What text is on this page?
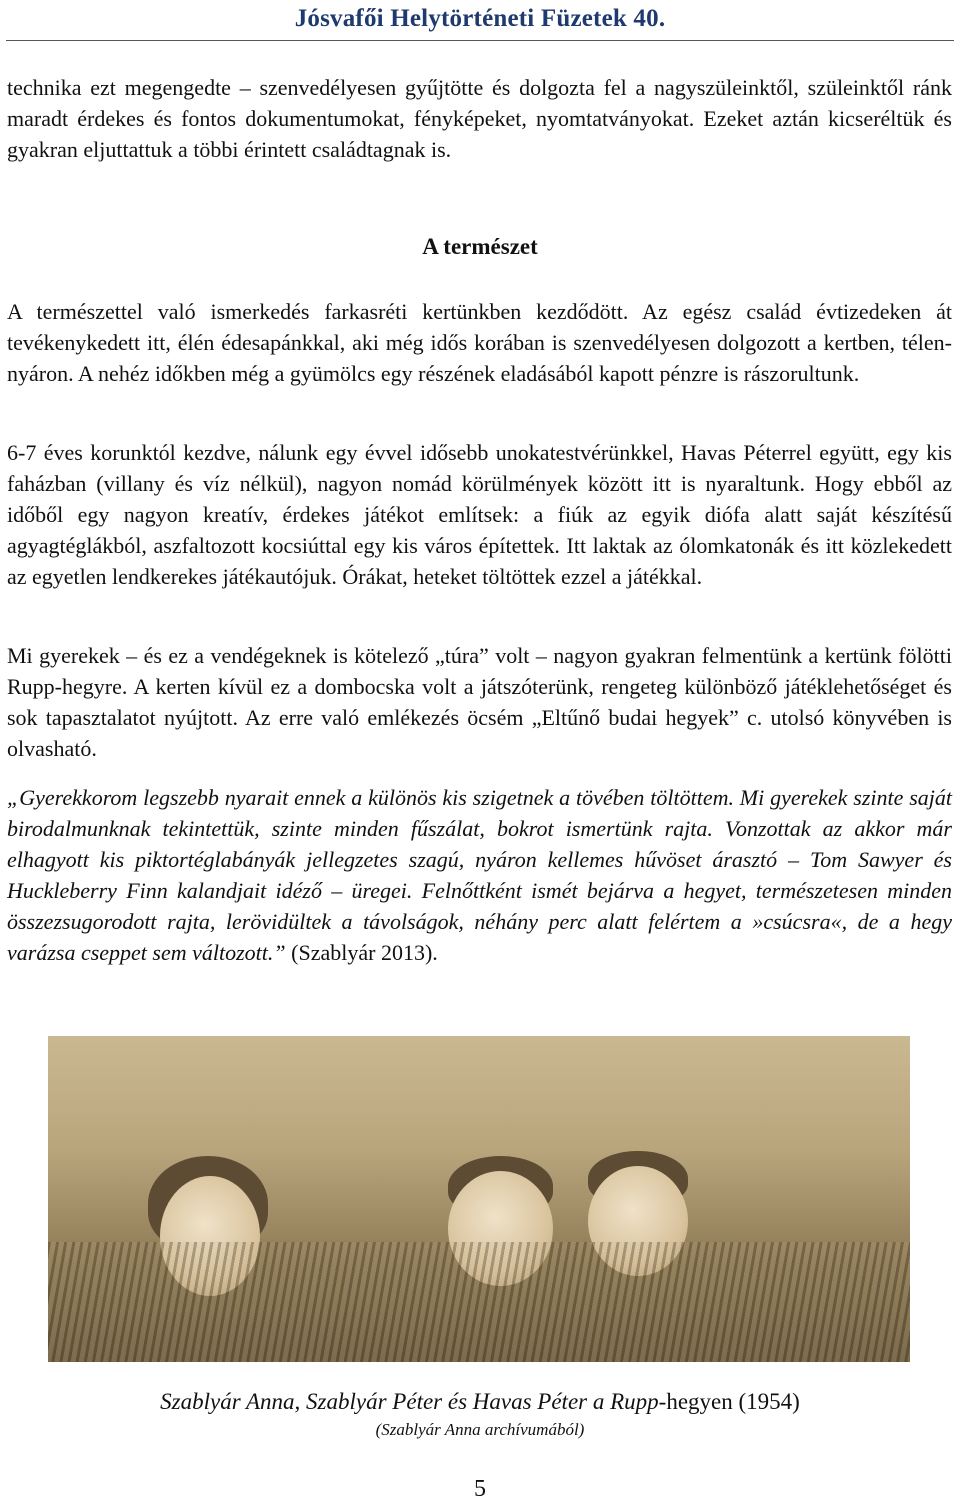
Jósvafői Helytörténeti Füzetek 40.

technika ezt megengedte – szenvedélyesen gyűjtötte és dolgozta fel a nagyszüleinktől, szüleinktől ránk maradt érdekes és fontos dokumentumokat, fényképeket, nyomtatványokat. Ezeket aztán kicseréltük és gyakran eljuttattuk a többi érintett családtagnak is.

A természet

A természettel való ismerkedés farkasréti kertünkben kezdődött. Az egész család évtizedeken át tevékenykedett itt, élén édesapánkkal, aki még idős korában is szenvedélyesen dolgozott a kertben, télen-nyáron. A nehéz időkben még a gyümölcs egy részének eladásából kapott pénzre is rászorultunk.

6-7 éves korunktól kezdve, nálunk egy évvel idősebb unokatestvérünkkel, Havas Péterrel együtt, egy kis faházban (villany és víz nélkül), nagyon nomád körülmények között itt is nyaraltunk. Hogy ebből az időből egy nagyon kreatív, érdekes játékot említsek: a fiúk az egyik diófa alatt saját készítésű agyagtéglákból, aszfaltozott kocsiúttal egy kis város építettek. Itt laktak az ólomkatonák és itt közlekedett az egyetlen lendkerekes játékautójuk. Órákat, heteket töltöttek ezzel a játékkal.

Mi gyerekek – és ez a vendégeknek is kötelező „túra” volt – nagyon gyakran felmentünk a kertünk fölötti Rupp-hegyre. A kerten kívül ez a dombocska volt a játszóterünk, rengeteg különböző játéklehetőséget és sok tapasztalatot nyújtott. Az erre való emlékezés öcsém „Eltűnő budai hegyek” c. utolsó könyvében is olvasható.

„Gyerekkorom legszebb nyarait ennek a különös kis szigetnek a tövében töltöttem. Mi gyerekek szinte saját birodalmunknak tekintettük, szinte minden fűszálat, bokrot ismertünk rajta. Vonzottak az akkor már elhagyott kis piktortéglabányák jellegzetes szagú, nyáron kellemes hűvöset árasztó – Tom Sawyer és Huckleberry Finn kalandjait idéző – üregei. Felnőttként ismét bejárva a hegyet, természetesen minden összezsugorodott rajta, lerövidültek a távolságok, néhány perc alatt felértem a »csúcsra«, de a hegy varázsa cseppet sem változott.” (Szablyár 2013).

Szablyár Anna, Szablyár Péter és Havas Péter a Rupp-hegyen (1954)
(Szablyár Anna archívumából)
5
